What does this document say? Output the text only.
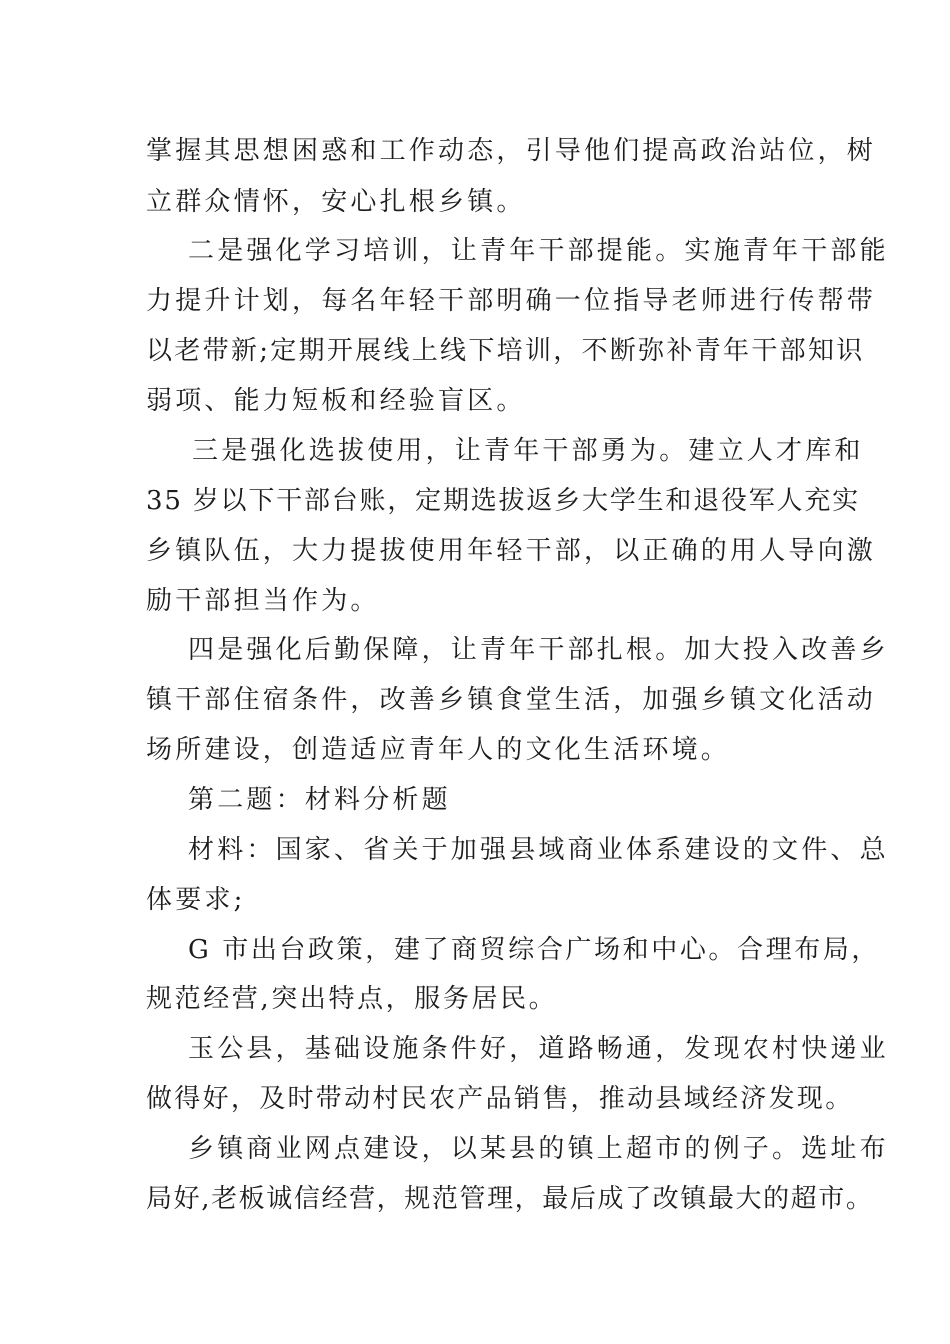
掌握其思想困惑和工作动态，引导他们提高政治站位，树
立群众情怀，安心扎根乡镇。
二是强化学习培训，让青年干部提能。实施青年干部能
力提升计划，每名年轻干部明确一位指导老师进行传帮带
以老带新;定期开展线上线下培训，不断弥补青年干部知识
弱项、能力短板和经验盲区。
三是强化选拔使用，让青年干部勇为。建立人才库和
35 岁以下干部台账，定期选拔返乡大学生和退役军人充实
乡镇队伍，大力提拔使用年轻干部，以正确的用人导向激
励干部担当作为。
四是强化后勤保障，让青年干部扎根。加大投入改善乡
镇干部住宿条件，改善乡镇食堂生活，加强乡镇文化活动
场所建设，创造适应青年人的文化生活环境。
第二题：材料分析题
材料：国家、省关于加强县域商业体系建设的文件、总
体要求;
G 市出台政策，建了商贸综合广场和中心。合理布局，
规范经营,突出特点，服务居民。
玉公县，基础设施条件好，道路畅通，发现农村快递业
做得好，及时带动村民农产品销售，推动县域经济发现。
乡镇商业网点建设，以某县的镇上超市的例子。选址布
局好,老板诚信经营，规范管理，最后成了改镇最大的超市。
